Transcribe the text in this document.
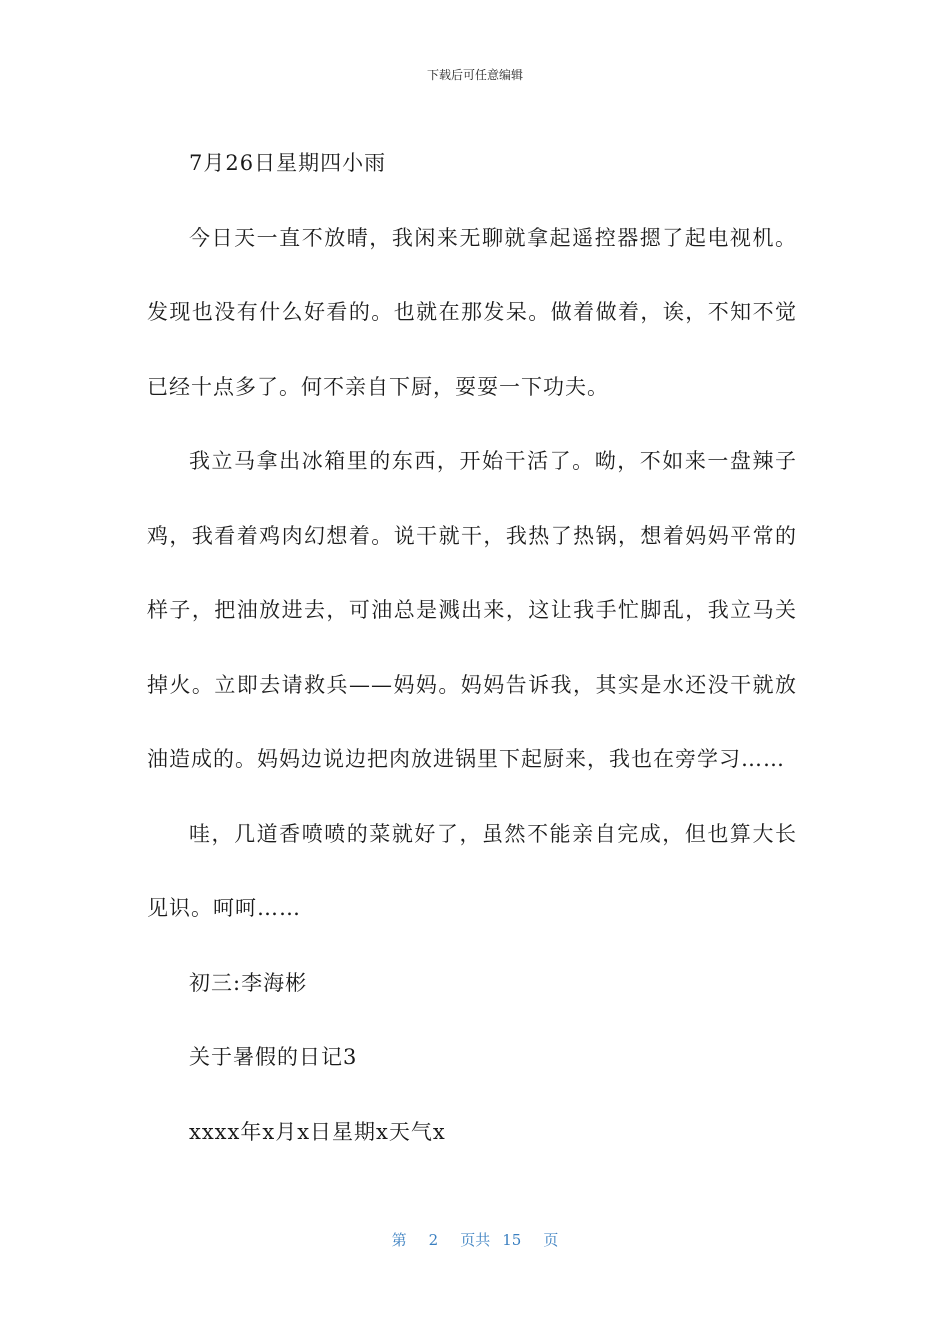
下载后可任意编辑

7月26日星期四小雨

今日天一直不放晴，我闲来无聊就拿起遥控器摁了起电视机。发现也没有什么好看的。也就在那发呆。做着做着，诶，不知不觉已经十点多了。何不亲自下厨，耍耍一下功夫。

我立马拿出冰箱里的东西，开始干活了。呦，不如来一盘辣子鸡，我看着鸡肉幻想着。说干就干，我热了热锅，想着妈妈平常的样子，把油放进去，可油总是溅出来，这让我手忙脚乱，我立马关掉火。立即去请救兵——妈妈。妈妈告诉我，其实是水还没干就放油造成的。妈妈边说边把肉放进锅里下起厨来，我也在旁学习……

哇，几道香喷喷的菜就好了，虽然不能亲自完成，但也算大长见识。呵呵……

初三:李海彬

关于暑假的日记3

xxxx年x月x日星期x天气x

第 2 页共 15 页
